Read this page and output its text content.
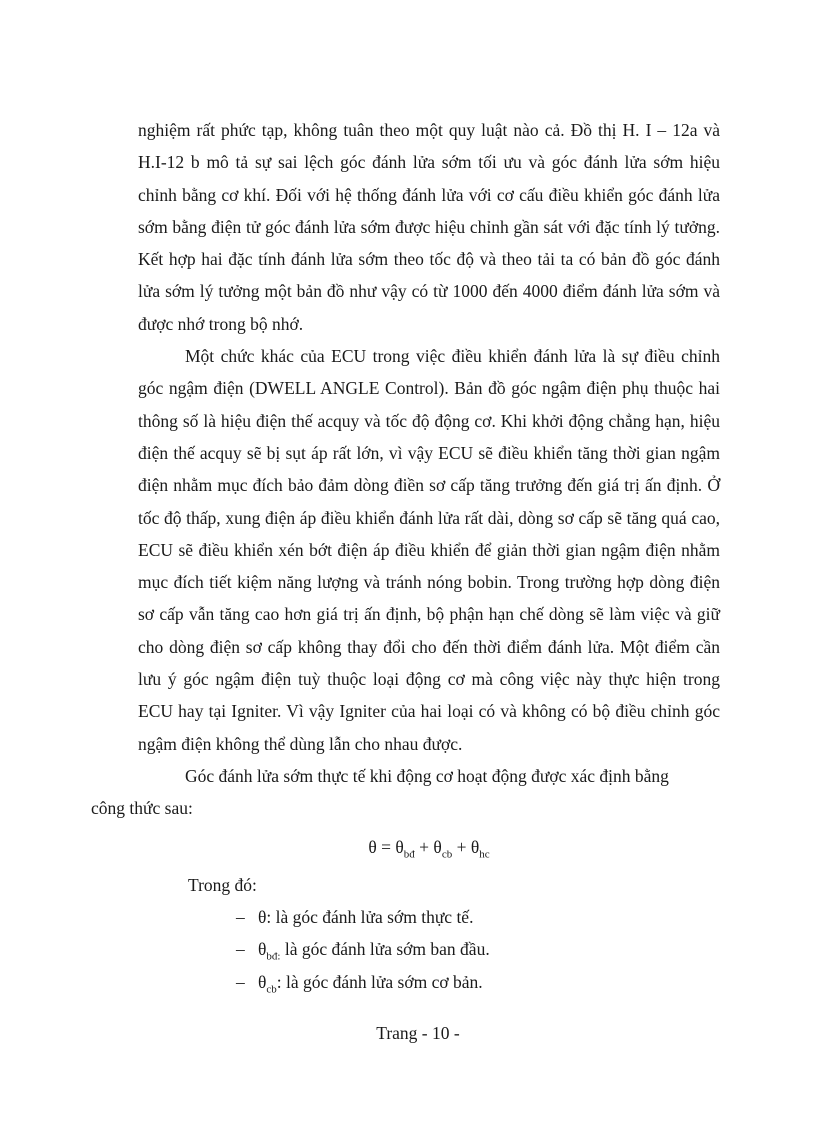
nghiệm rất phức tạp, không tuân theo một quy luật nào cả. Đồ thị H. I – 12a và H.I-12 b mô tả sự sai lệch góc đánh lửa sớm tối ưu và góc đánh lửa sớm hiệu chỉnh bằng cơ khí. Đối với hệ thống đánh lửa với cơ cấu điều khiển góc đánh lửa sớm bằng điện tử góc đánh lửa sớm được hiệu chỉnh gần sát với đặc tính lý tưởng. Kết hợp hai đặc tính đánh lửa sớm theo tốc độ và theo tải ta có bản đồ góc đánh lửa sớm lý tưởng một bản đồ như vậy có từ 1000 đến 4000 điểm đánh lửa sớm và được nhớ trong bộ nhớ.

Một chức khác của ECU trong việc điều khiển đánh lửa là sự điều chỉnh góc ngậm điện (DWELL ANGLE Control). Bản đồ góc ngậm điện phụ thuộc hai thông số là hiệu điện thế acquy và tốc độ động cơ. Khi khởi động chẳng hạn, hiệu điện thế acquy sẽ bị sụt áp rất lớn, vì vậy ECU sẽ điều khiển tăng thời gian ngậm điện nhằm mục đích bảo đảm dòng điền sơ cấp tăng trưởng đến giá trị ấn định. Ở tốc độ thấp, xung điện áp điều khiển đánh lửa rất dài, dòng sơ cấp sẽ tăng quá cao, ECU sẽ điều khiển xén bớt điện áp điều khiển để giản thời gian ngậm điện nhằm mục đích tiết kiệm năng lượng và tránh nóng bobin. Trong trường hợp dòng điện sơ cấp vẫn tăng cao hơn giá trị ấn định, bộ phận hạn chế dòng sẽ làm việc và giữ cho dòng điện sơ cấp không thay đổi cho đến thời điểm đánh lửa. Một điểm cần lưu ý góc ngậm điện tuỳ thuộc loại động cơ mà công việc này thực hiện trong ECU hay tại Igniter. Vì vậy Igniter của hai loại có và không có bộ điều chỉnh góc ngậm điện không thể dùng lẫn cho nhau được.

Góc đánh lửa sớm thực tế khi động cơ hoạt động được xác định bằng
công thức sau:

$\theta = \theta_{bđ} + \theta_{cb} + \theta_{hc}$
Trong đó:
– θ: là góc đánh lửa sớm thực tế.
– $\theta_{bđ:}$ là góc đánh lửa sớm ban đầu.
– $\theta_{cb}$: là góc đánh lửa sớm cơ bản.
Trang - 10 -
